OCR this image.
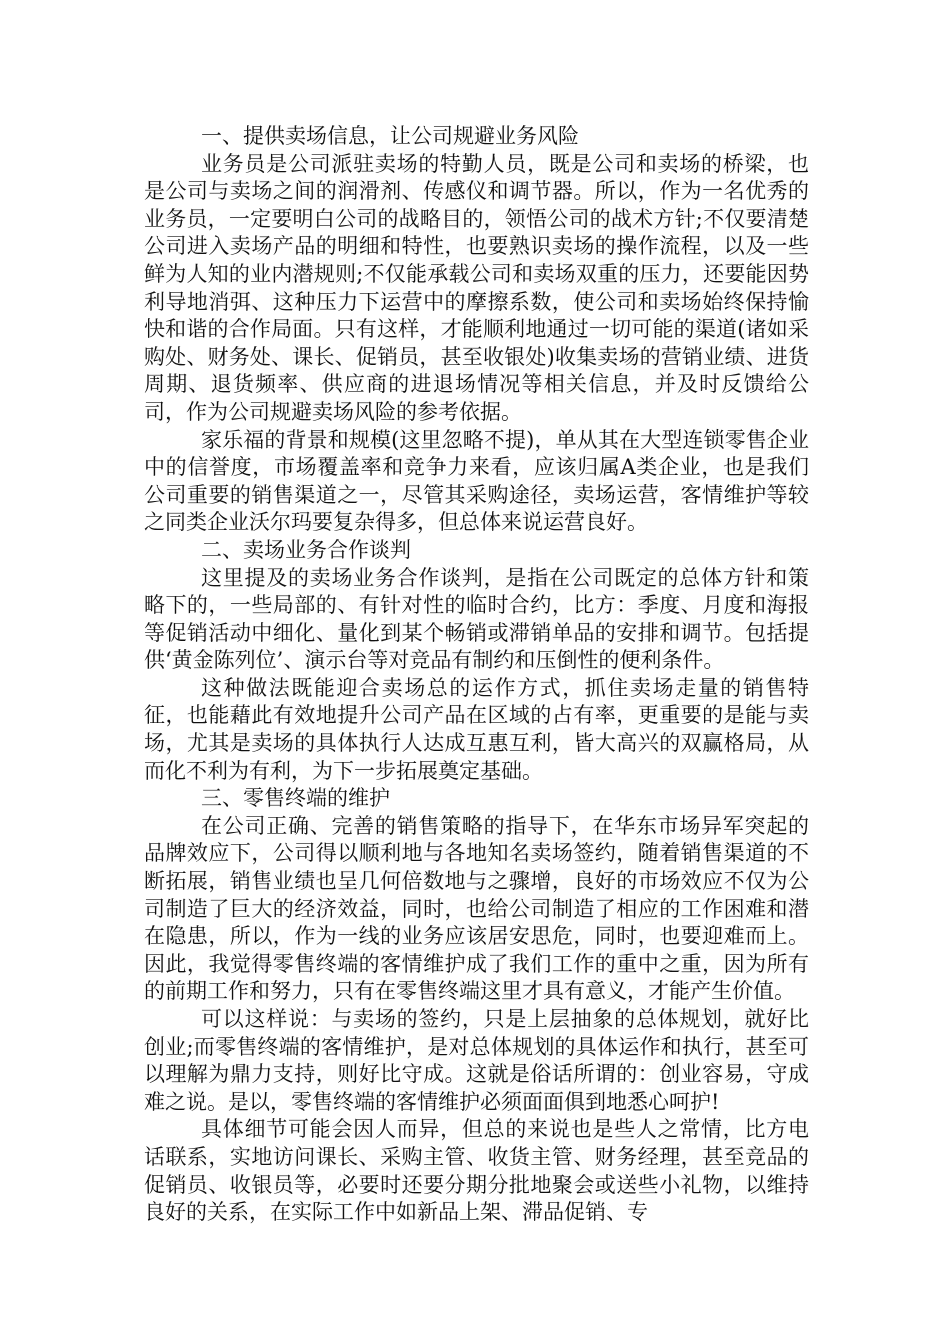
一、提供卖场信息，让公司规避业务风险

业务员是公司派驻卖场的特勤人员，既是公司和卖场的桥梁，也是公司与卖场之间的润滑剂、传感仪和调节器。所以，作为一名优秀的业务员，一定要明白公司的战略目的，领悟公司的战术方针;不仅要清楚公司进入卖场产品的明细和特性，也要熟识卖场的操作流程，以及一些鲜为人知的业内潜规则;不仅能承载公司和卖场双重的压力，还要能因势利导地消弭、这种压力下运营中的摩擦系数，使公司和卖场始终保持愉快和谐的合作局面。只有这样，才能顺利地通过一切可能的渠道(诸如采购处、财务处、课长、促销员，甚至收银处)收集卖场的营销业绩、进货周期、退货频率、供应商的进退场情况等相关信息，并及时反馈给公司，作为公司规避卖场风险的参考依据。

家乐福的背景和规模(这里忽略不提)，单从其在大型连锁零售企业中的信誉度，市场覆盖率和竞争力来看，应该归属A类企业，也是我们公司重要的销售渠道之一，尽管其采购途径，卖场运营，客情维护等较之同类企业沃尔玛要复杂得多，但总体来说运营良好。

二、卖场业务合作谈判

这里提及的卖场业务合作谈判，是指在公司既定的总体方针和策略下的，一些局部的、有针对性的临时合约，比方：季度、月度和海报等促销活动中细化、量化到某个畅销或滞销单品的安排和调节。包括提供‘黄金陈列位’、演示台等对竞品有制约和压倒性的便利条件。

这种做法既能迎合卖场总的运作方式，抓住卖场走量的销售特征，也能藉此有效地提升公司产品在区域的占有率，更重要的是能与卖场，尤其是卖场的具体执行人达成互惠互利，皆大高兴的双赢格局，从而化不利为有利，为下一步拓展奠定基础。

三、零售终端的维护

在公司正确、完善的销售策略的指导下，在华东市场异军突起的品牌效应下，公司得以顺利地与各地知名卖场签约，随着销售渠道的不断拓展，销售业绩也呈几何倍数地与之骤增，良好的市场效应不仅为公司制造了巨大的经济效益，同时，也给公司制造了相应的工作困难和潜在隐患，所以，作为一线的业务应该居安思危，同时，也要迎难而上。因此，我觉得零售终端的客情维护成了我们工作的重中之重，因为所有的前期工作和努力，只有在零售终端这里才具有意义，才能产生价值。

可以这样说：与卖场的签约，只是上层抽象的总体规划，就好比创业;而零售终端的客情维护，是对总体规划的具体运作和执行，甚至可以理解为鼎力支持，则好比守成。这就是俗话所谓的：创业容易，守成难之说。是以，零售终端的客情维护必须面面俱到地悉心呵护!

具体细节可能会因人而异，但总的来说也是些人之常情，比方电话联系，实地访问课长、采购主管、收货主管、财务经理，甚至竞品的促销员、收银员等，必要时还要分期分批地聚会或送些小礼物，以维持良好的关系，在实际工作中如新品上架、滞品促销、专
